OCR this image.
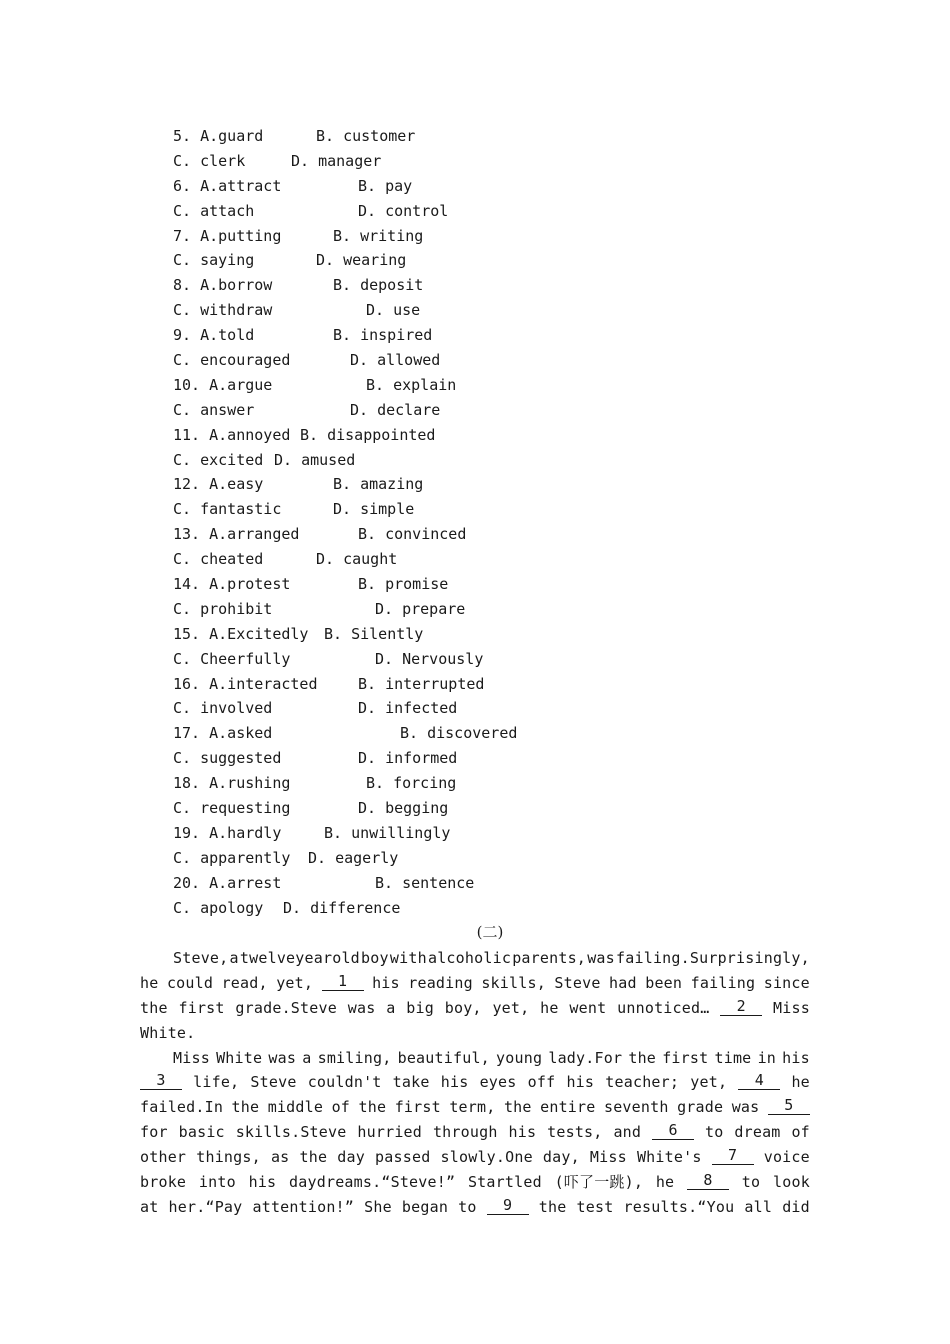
5. A.guard	B. customer
C. clerk	D. manager
6. A.attract	B. pay
C. attach	D. control
7. A.putting	B. writing
C. saying	D. wearing
8. A.borrow	B. deposit
C. withdraw	D. use
9. A.told	B. inspired
C. encouraged	D. allowed
10. A.argue	B. explain
C. answer	D. declare
11. A.annoyed B. disappointed
C. excited D. amused
12. A.easy	B. amazing
C. fantastic	D. simple
13. A.arranged	B. convinced
C. cheated	D. caught
14. A.protest	B. promise
C. prohibit	D. prepare
15. A.Excitedly B. Silently
C. Cheerfully	D. Nervously
16. A.interacted	B. interrupted
C. involved	D. infected
17. A.asked	B. discovered
C. suggested	D. informed
18. A.rushing	B. forcing
C. requesting	D. begging
19. A.hardly	B. unwillingly
C. apparently D. eagerly
20. A.arrest	B. sentence
C. apology D. difference
(二)
Steve, a twelveyearold boy with alcoholic parents, was failing.Surprisingly,
he could read, yet,	1	his reading skills, Steve had been failing since
the first grade.Steve was a big boy, yet, he went unnoticed…	2	Miss
White.
Miss White was a smiling, beautiful, young lady.For the first time in his
3	life, Steve couldn't take his eyes off his teacher; yet,	4	he
failed.In the middle of the first term, the entire seventh grade was	5
for basic skills.Steve hurried through his tests, and	6	to dream of
other things, as the day passed slowly.One day, Miss White's	7	voice
broke into his daydreams.“Steve!” Startled (吓了一跳), he	8	to look
at her.“Pay attention!” She began to	9	the test results.“You all did
